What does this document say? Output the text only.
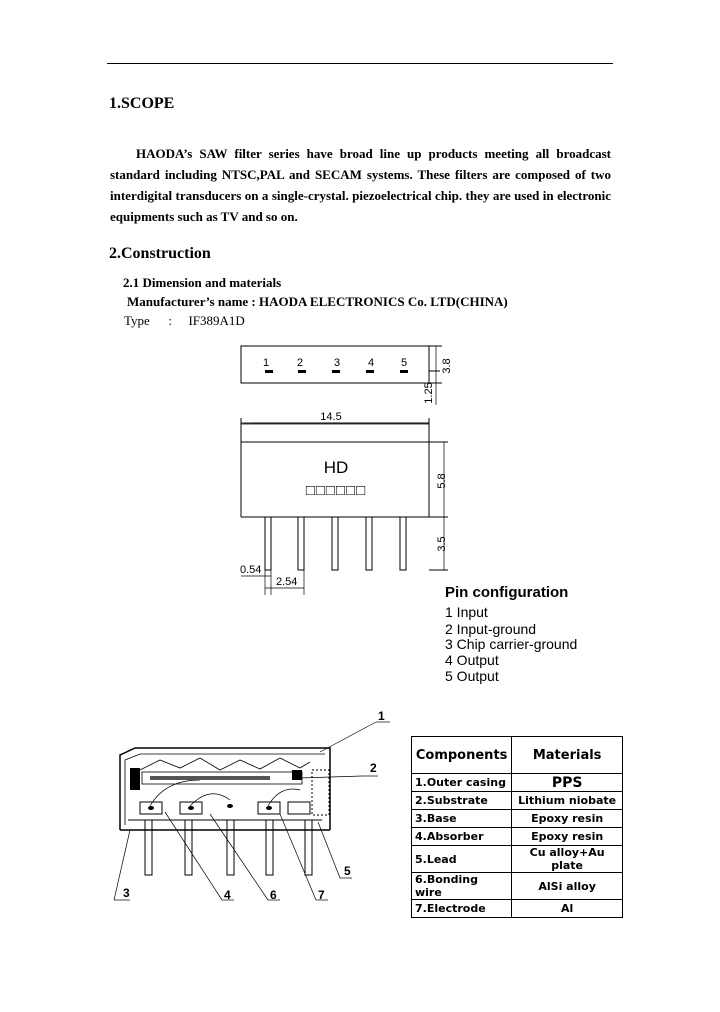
1.SCOPE

HAODA’s SAW filter series have broad line up products meeting all broadcast standard including NTSC,PAL and SECAM systems. These filters are composed of two interdigital transducers on a single-crystal. piezoelectrical chip. they are used in electronic equipments such as TV and so on.

2.Construction
2.1 Dimension and materials
Manufacturer’s name : HAODA ELECTRONICS Co. LTD(CHINA)
Type : IF389A1D
1	2	3	4 5
14.5
3.8
1.25
5.8
3.5
0.54
2.54
HD
□□□□□□
Pin configuration
1 Input
2 Input-ground
3 Chip carrier-ground
4 Output
5 Output
1
2
3	4	6	7
5
Components	Materials
1.Outer casing	PPS
2.Substrate	Lithium niobate
3.Base	Epoxy resin
4.Absorber	Epoxy resin
5.Lead	Cu alloy+Au plate
6.Bonding wire	AlSi alloy
7.Electrode	Al
